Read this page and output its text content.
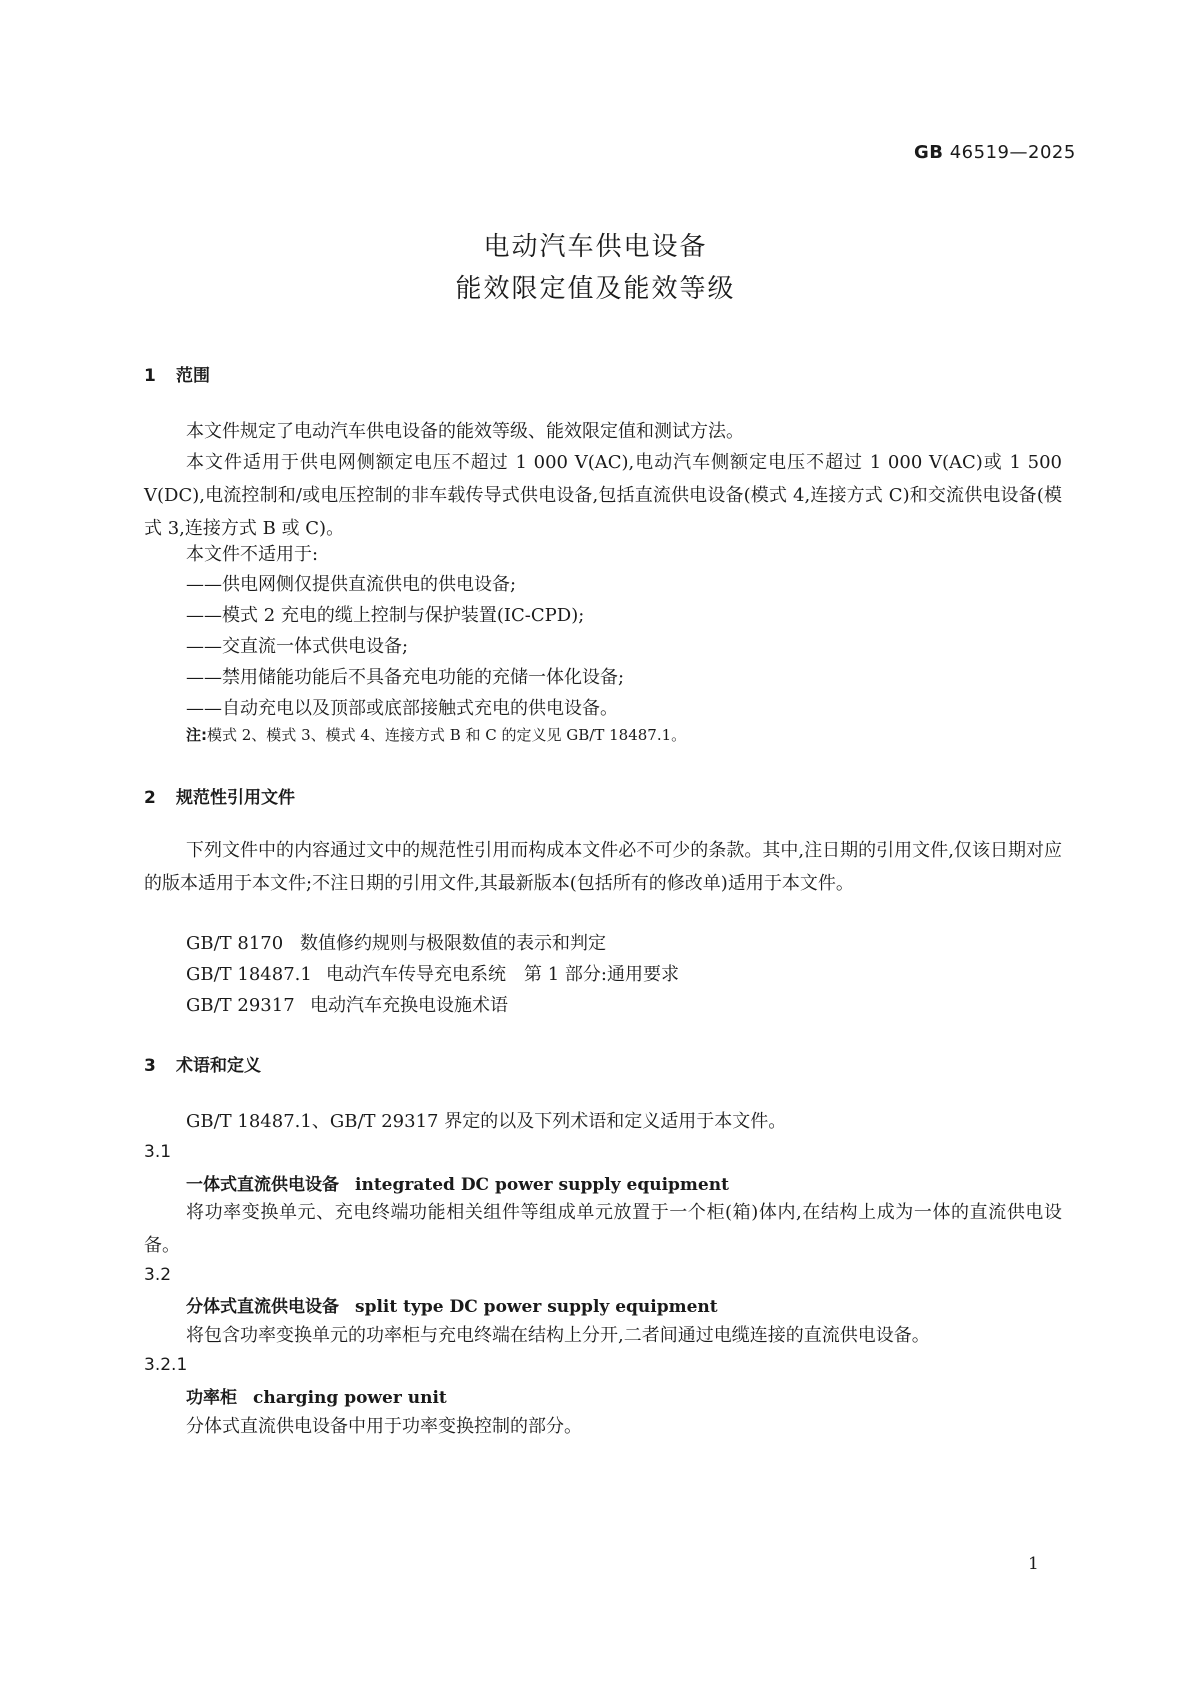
GB 46519—2025
电动汽车供电设备
能效限定值及能效等级
1 范围
本文件规定了电动汽车供电设备的能效等级、能效限定值和测试方法。
本文件适用于供电网侧额定电压不超过 1 000 V(AC),电动汽车侧额定电压不超过 1 000 V(AC)或 1 500 V(DC),电流控制和/或电压控制的非车载传导式供电设备,包括直流供电设备(模式 4,连接方式 C)和交流供电设备(模式 3,连接方式 B 或 C)。
本文件不适用于:
——供电网侧仅提供直流供电的供电设备;
——模式 2 充电的缆上控制与保护装置(IC-CPD);
——交直流一体式供电设备;
——禁用储能功能后不具备充电功能的充储一体化设备;
——自动充电以及顶部或底部接触式充电的供电设备。
注:模式 2、模式 3、模式 4、连接方式 B 和 C 的定义见 GB/T 18487.1。
2 规范性引用文件
下列文件中的内容通过文中的规范性引用而构成本文件必不可少的条款。其中,注日期的引用文件,仅该日期对应的版本适用于本文件;不注日期的引用文件,其最新版本(包括所有的修改单)适用于本文件。
GB/T 8170 数值修约规则与极限数值的表示和判定
GB/T 18487.1 电动汽车传导充电系统　第 1 部分:通用要求
GB/T 29317 电动汽车充换电设施术语
3 术语和定义
GB/T 18487.1、GB/T 29317 界定的以及下列术语和定义适用于本文件。
3.1
一体式直流供电设备 integrated DC power supply equipment
将功率变换单元、充电终端功能相关组件等组成单元放置于一个柜(箱)体内,在结构上成为一体的直流供电设备。
3.2
分体式直流供电设备 split type DC power supply equipment
将包含功率变换单元的功率柜与充电终端在结构上分开,二者间通过电缆连接的直流供电设备。
3.2.1
功率柜 charging power unit
分体式直流供电设备中用于功率变换控制的部分。
1
